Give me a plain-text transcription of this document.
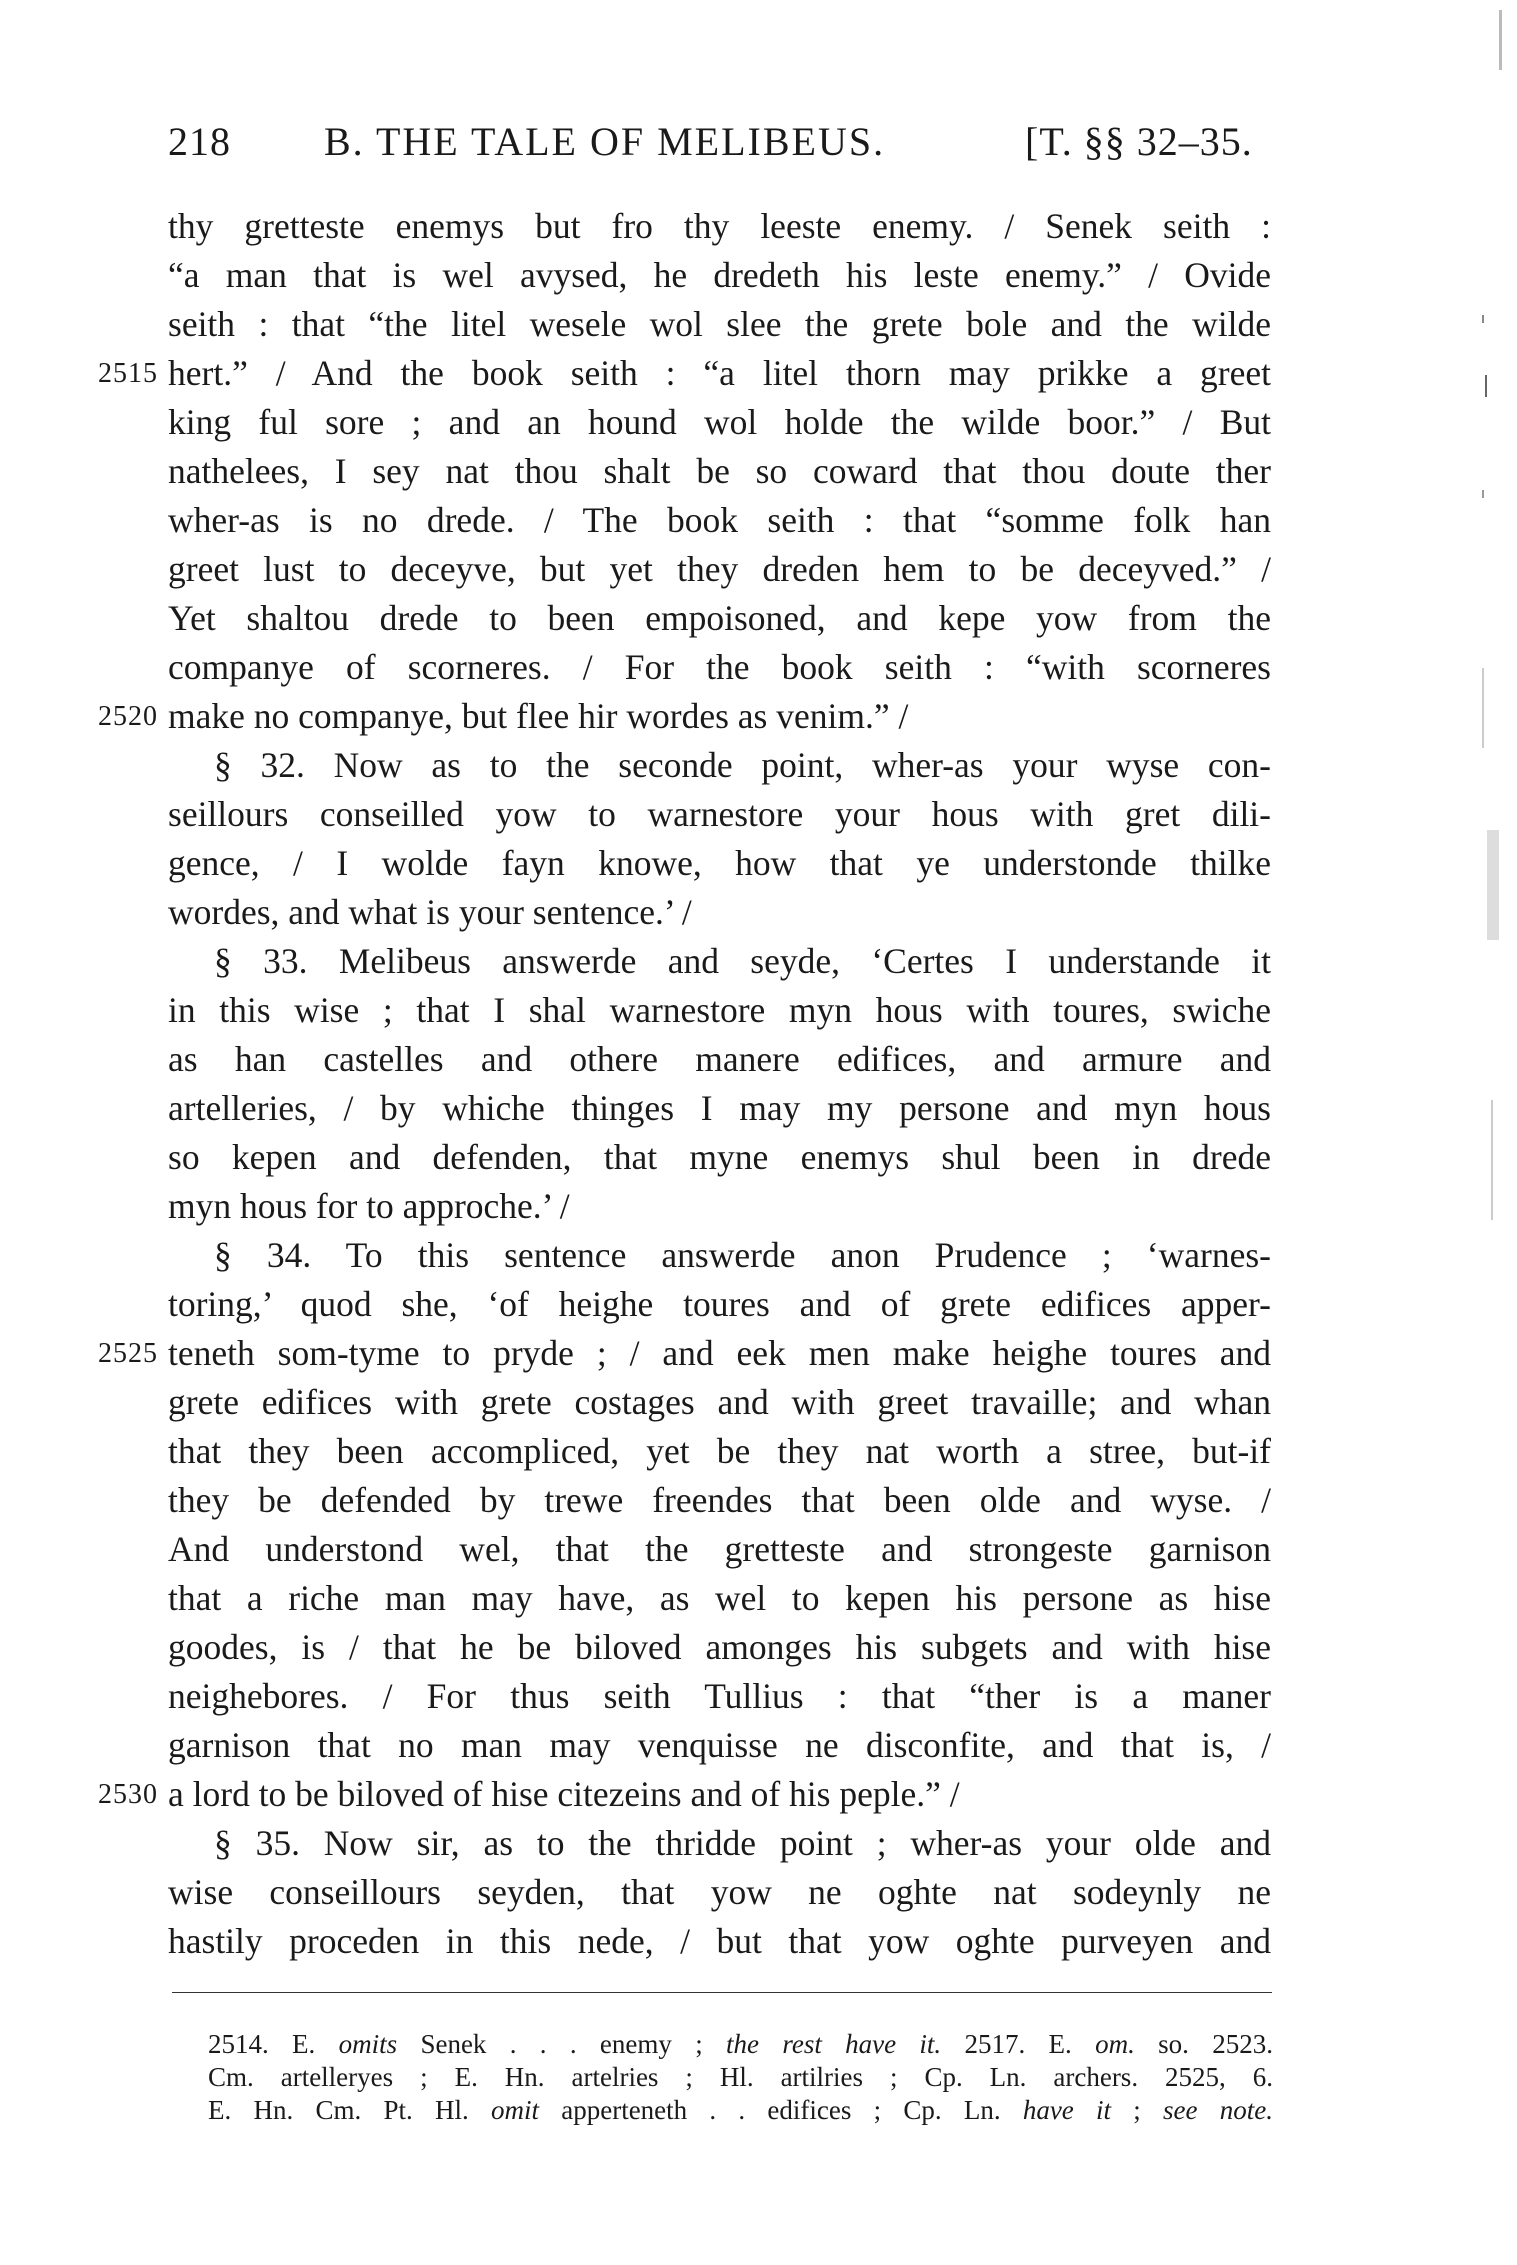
218 B. THE TALE OF MELIBEUS.	[T. §§ 32–35.
thy gretteste enemys but fro thy leeste enemy. / Senek seith :
“a man that is wel avysed, he dredeth his leste enemy.” / Ovide
seith : that “the litel wesele wol slee the grete bole and the wilde
2515 hert.” / And the book seith : “a litel thorn may prikke a greet
king ful sore ; and an hound wol holde the wilde boor.” / But
nathelees, I sey nat thou shalt be so coward that thou doute ther
wher-as is no drede. / The book seith : that “somme folk han
greet lust to deceyve, but yet they dreden hem to be deceyved.” /
Yet shaltou drede to been empoisoned, and kepe yow from the
companye of scorneres. / For the book seith : “with scorneres
2520 make no companye, but flee hir wordes as venim.” /
§ 32. Now as to the seconde point, wher-as your wyse con-
seillours conseilled yow to warnestore your hous with gret dili-
gence, / I wolde fayn knowe, how that ye understonde thilke
wordes, and what is your sentence.’ /
§ 33. Melibeus answerde and seyde, ‘Certes I understande it
in this wise ; that I shal warnestore myn hous with toures, swiche
as han castelles and othere manere edifices, and armure and
artelleries, / by whiche thinges I may my persone and myn hous
so kepen and defenden, that myne enemys shul been in drede
myn hous for to approche.’ /
§ 34. To this sentence answerde anon Prudence ; ‘warnes-
toring,’ quod she, ‘of heighe toures and of grete edifices apper-
2525 teneth som-tyme to pryde ; / and eek men make heighe toures and
grete edifices with grete costages and with greet travaille; and whan
that they been accompliced, yet be they nat worth a stree, but-if
they be defended by trewe freendes that been olde and wyse. /
And understond wel, that the gretteste and strongeste garnison
that a riche man may have, as wel to kepen his persone as hise
goodes, is / that he be biloved amonges his subgets and with hise
neighebores. / For thus seith Tullius : that “ther is a maner
garnison that no man may venquisse ne disconfite, and that is, /
2530 a lord to be biloved of hise citezeins and of his peple.” /
§ 35. Now sir, as to the thridde point ; wher-as your olde and
wise conseillours seyden, that yow ne oghte nat sodeynly ne
hastily proceden in this nede, / but that yow oghte purveyen and
2514. E. omits Senek . . . enemy ; the rest have it. 2517. E. om. so. 2523.
Cm. artelleryes ; E. Hn. artelries ; Hl. artilries ; Cp. Ln. archers. 2525, 6.
E. Hn. Cm. Pt. Hl. omit apperteneth . . edifices ; Cp. Ln. have it ; see note.
